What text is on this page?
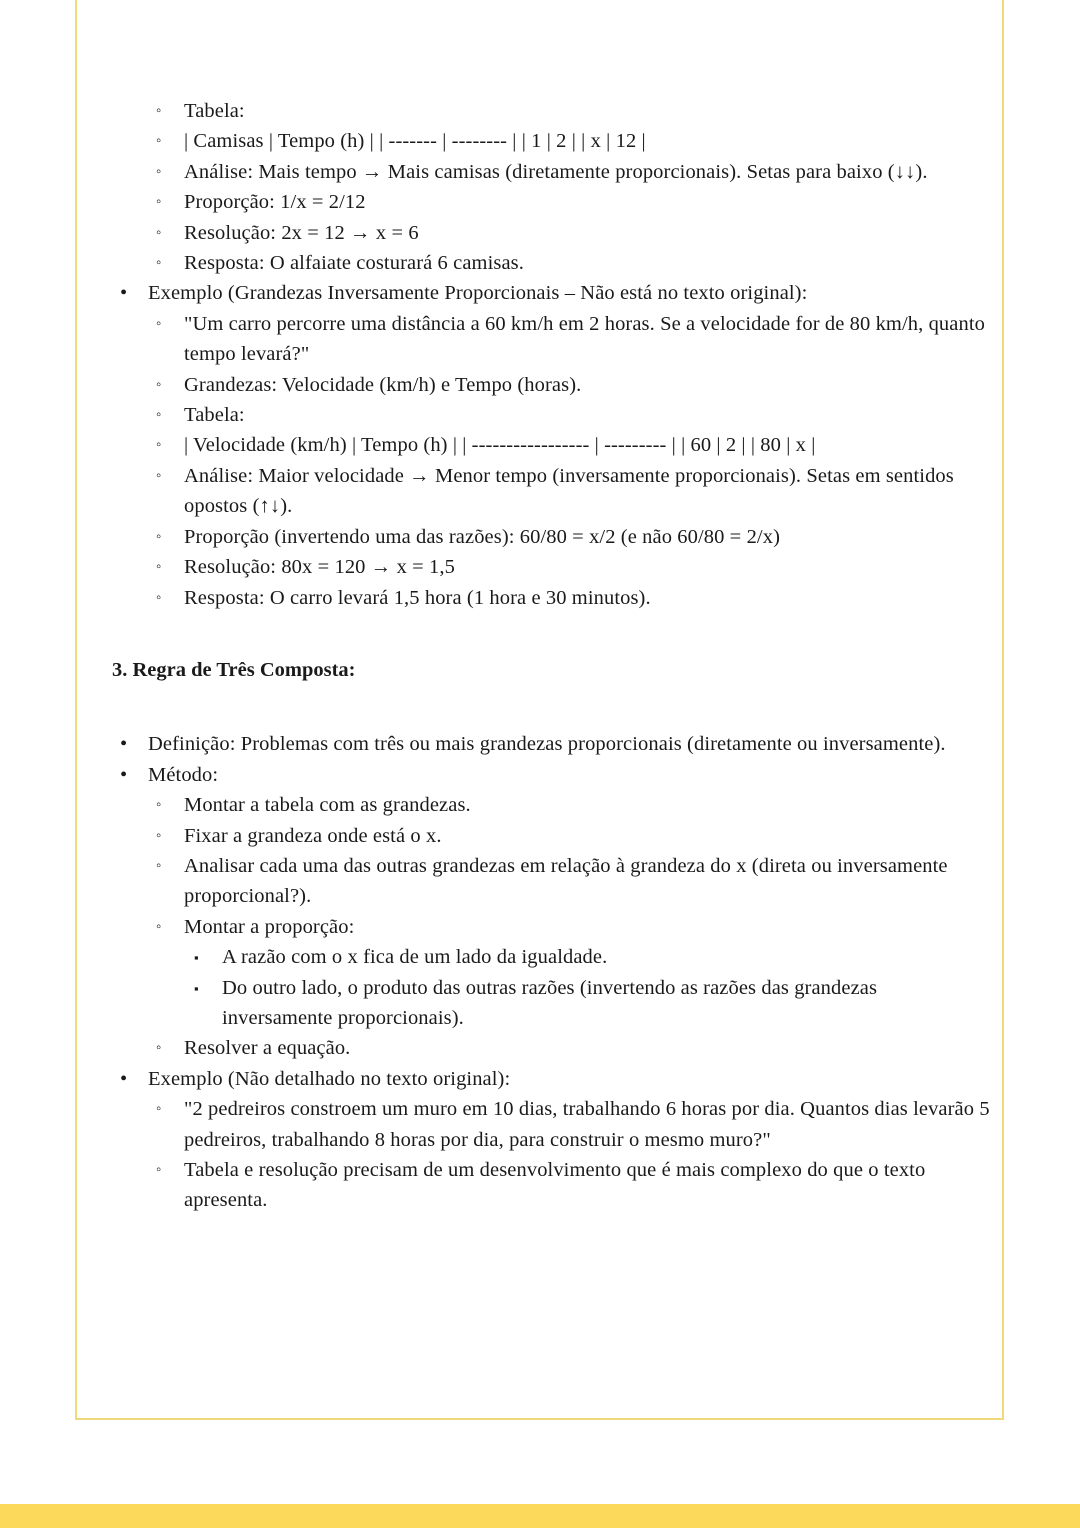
◦ Tabela:
◦ | Camisas | Tempo (h) | | ------- | -------- | | 1 | 2 | | x | 12 |
◦ Análise: Mais tempo → Mais camisas (diretamente proporcionais). Setas para baixo (↓↓).
◦ Proporção: 1/x = 2/12
◦ Resolução: 2x = 12 → x = 6
◦ Resposta: O alfaiate costurará 6 camisas.
•	Exemplo (Grandezas Inversamente Proporcionais – Não está no texto original):
◦ "Um carro percorre uma distância a 60 km/h em 2 horas. Se a velocidade for de 80 km/h, quanto tempo levará?"
◦ Grandezas: Velocidade (km/h) e Tempo (horas).
◦ Tabela:
◦ | Velocidade (km/h) | Tempo (h) | | ----------------- | --------- | | 60 | 2 | | 80 | x |
◦ Análise: Maior velocidade → Menor tempo (inversamente proporcionais). Setas em sentidos opostos (↑↓).
◦ Proporção (invertendo uma das razões): 60/80 = x/2 (e não 60/80 = 2/x)
◦ Resolução: 80x = 120 → x = 1,5
◦ Resposta: O carro levará 1,5 hora (1 hora e 30 minutos).
3. Regra de Três Composta:
•	Definição: Problemas com três ou mais grandezas proporcionais (diretamente ou inversamente).
•	Método:
◦ Montar a tabela com as grandezas.
◦ Fixar a grandeza onde está o x.
◦ Analisar cada uma das outras grandezas em relação à grandeza do x (direta ou inversamente proporcional?).
◦ Montar a proporção:
▪ A razão com o x fica de um lado da igualdade.
▪ Do outro lado, o produto das outras razões (invertendo as razões das grandezas inversamente proporcionais).
◦ Resolver a equação.
•	Exemplo (Não detalhado no texto original):
◦ "2 pedreiros constroem um muro em 10 dias, trabalhando 6 horas por dia. Quantos dias levarão 5 pedreiros, trabalhando 8 horas por dia, para construir o mesmo muro?"
◦ Tabela e resolução precisam de um desenvolvimento que é mais complexo do que o texto apresenta.
